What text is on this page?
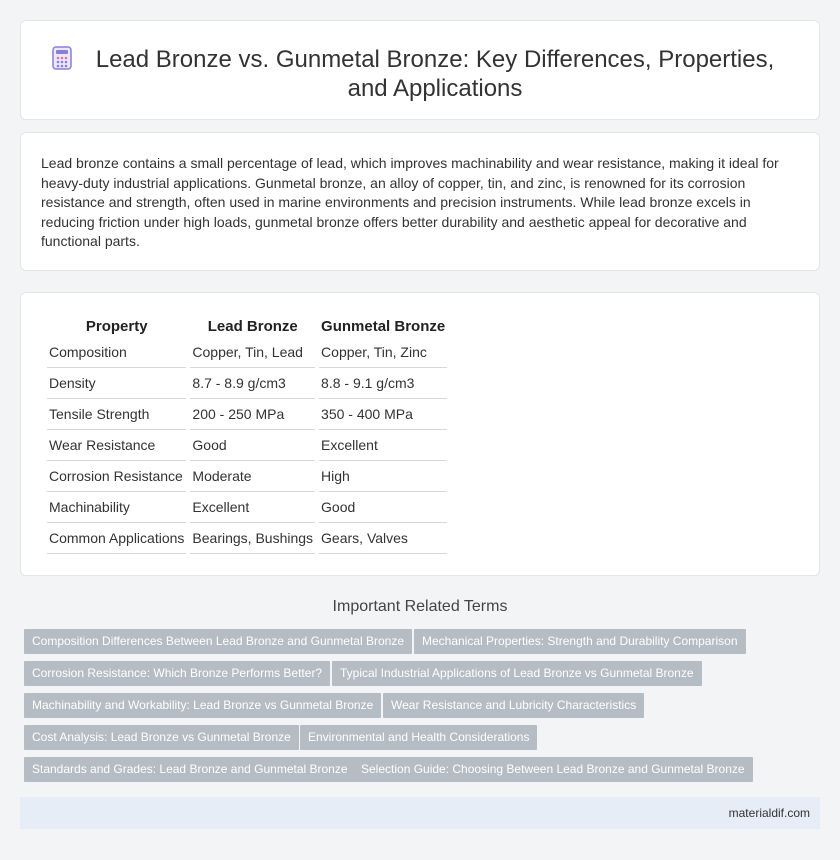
Lead Bronze vs. Gunmetal Bronze: Key Differences, Properties, and Applications

Lead bronze contains a small percentage of lead, which improves machinability and wear resistance, making it ideal for heavy-duty industrial applications. Gunmetal bronze, an alloy of copper, tin, and zinc, is renowned for its corrosion resistance and strength, often used in marine environments and precision instruments. While lead bronze excels in reducing friction under high loads, gunmetal bronze offers better durability and aesthetic appeal for decorative and functional parts.

Property	Lead Bronze	Gunmetal Bronze
Composition	Copper, Tin, Lead	Copper, Tin, Zinc
Density	8.7 - 8.9 g/cm3	8.8 - 9.1 g/cm3
Tensile Strength	200 - 250 MPa	350 - 400 MPa
Wear Resistance	Good	Excellent
Corrosion Resistance	Moderate	High
Machinability	Excellent	Good
Common Applications	Bearings, Bushings	Gears, Valves
Important Related Terms
Composition Differences Between Lead Bronze and Gunmetal Bronze	Mechanical Properties: Strength and Durability Comparison
Corrosion Resistance: Which Bronze Performs Better?	Typical Industrial Applications of Lead Bronze vs Gunmetal Bronze
Machinability and Workability: Lead Bronze vs Gunmetal Bronze	Wear Resistance and Lubricity Characteristics
Cost Analysis: Lead Bronze vs Gunmetal Bronze	Environmental and Health Considerations
Standards and Grades: Lead Bronze and Gunmetal Bronze	Selection Guide: Choosing Between Lead Bronze and Gunmetal Bronze
materialdif.com
